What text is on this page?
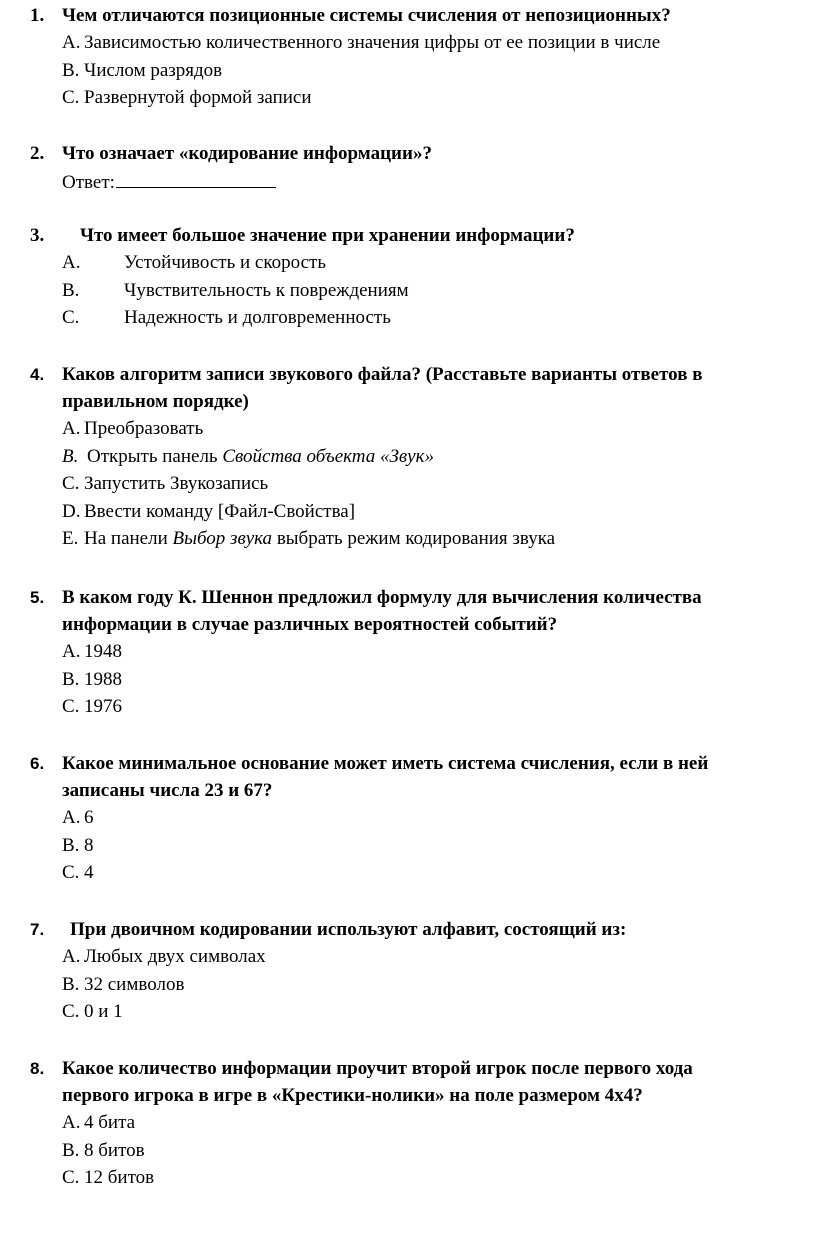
1. Чем отличаются позиционные системы счисления от непозиционных?
А. Зависимостью количественного значения цифры от ее позиции в числе
В. Числом разрядов
С. Развернутой формой записи
2. Что означает «кодирование информации»?
Ответ:
3. Что имеет большое значение при хранении информации?
А. Устойчивость и скорость
В. Чувствительность к повреждениям
С. Надежность и долговременность
4. Каков алгоритм записи звукового файла? (Расставьте варианты ответов в
правильном порядке)
А. Преобразовать
В. Открыть панель Свойства объекта «Звук»
С. Запустить Звукозапись
D. Ввести команду [Файл-Свойства]
Е. На панели Выбор звука выбрать режим кодирования звука
5. В каком году К. Шеннон предложил формулу для вычисления количества
информации в случае различных вероятностей событий?
А. 1948
В. 1988
С. 1976
6. Какое минимальное основание может иметь система счисления, если в ней
записаны числа 23 и 67?
А. 6
В. 8
С. 4
7. При двоичном кодировании используют алфавит, состоящий из:
А. Любых двух символах
В. 32 символов
С. 0 и 1
8. Какое количество информации проучит второй игрок после первого хода
первого игрока в игре в «Крестики-нолики» на поле размером 4х4?
А. 4 бита
В. 8 битов
С. 12 битов
